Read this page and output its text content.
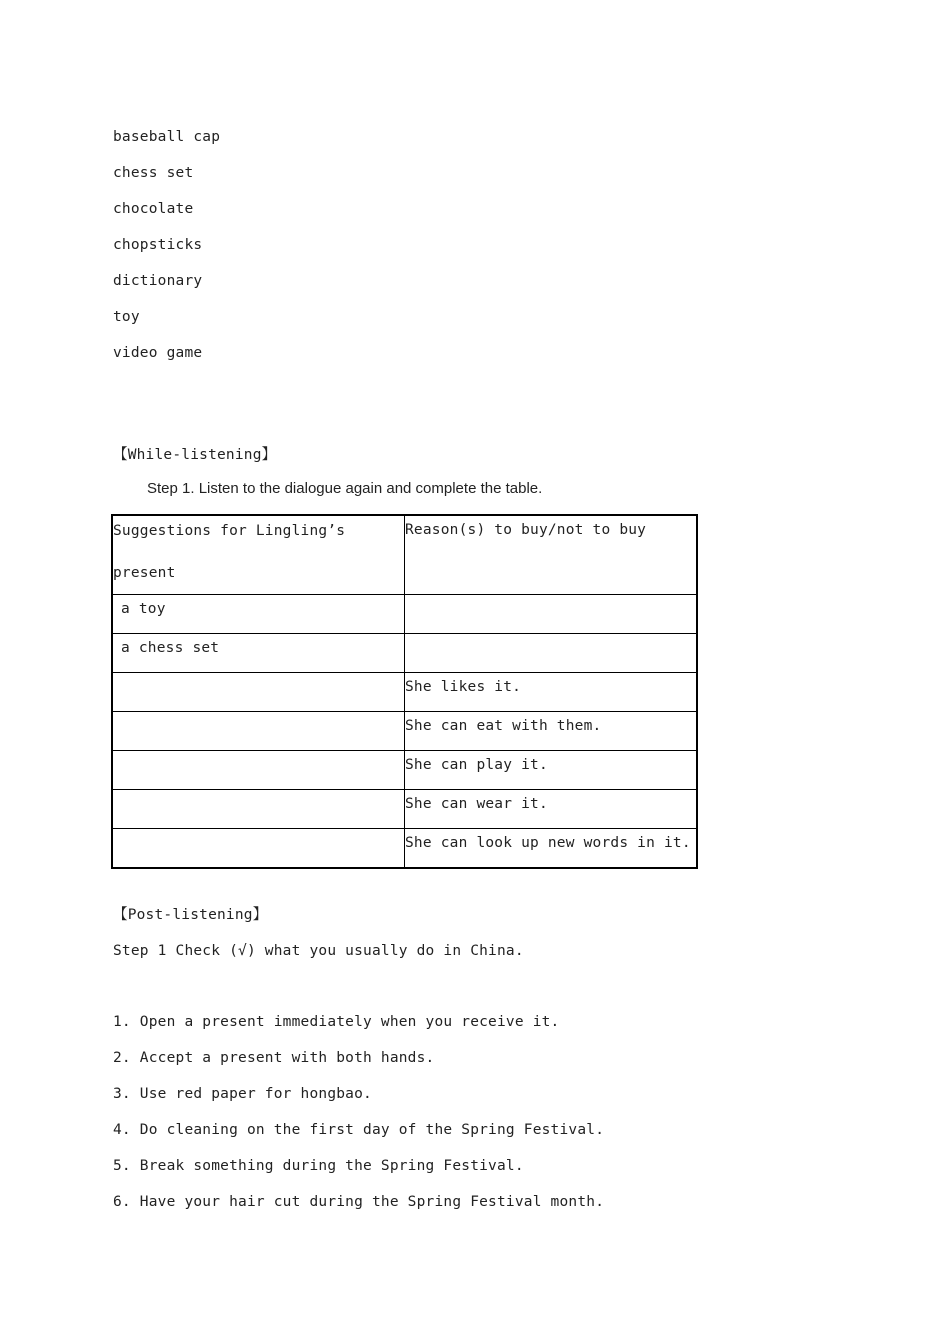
baseball cap
chess set
chocolate
chopsticks
dictionary
toy
video game
【While-listening】
Step 1. Listen to the dialogue again and complete the table.
Suggestions for Lingling’s
present	Reason(s) to buy/not to buy

a toy	

a chess set	

	She likes it.

	She can eat with them.

	She can play it.

	She can wear it.

	She can look up new words in it.
【Post-listening】
Step 1 Check (√) what you usually do in China.
1. Open a present immediately when you receive it.
2. Accept a present with both hands.
3. Use red paper for hongbao.
4. Do cleaning on the first day of the Spring Festival.
5. Break something during the Spring Festival.
6. Have your hair cut during the Spring Festival month.
